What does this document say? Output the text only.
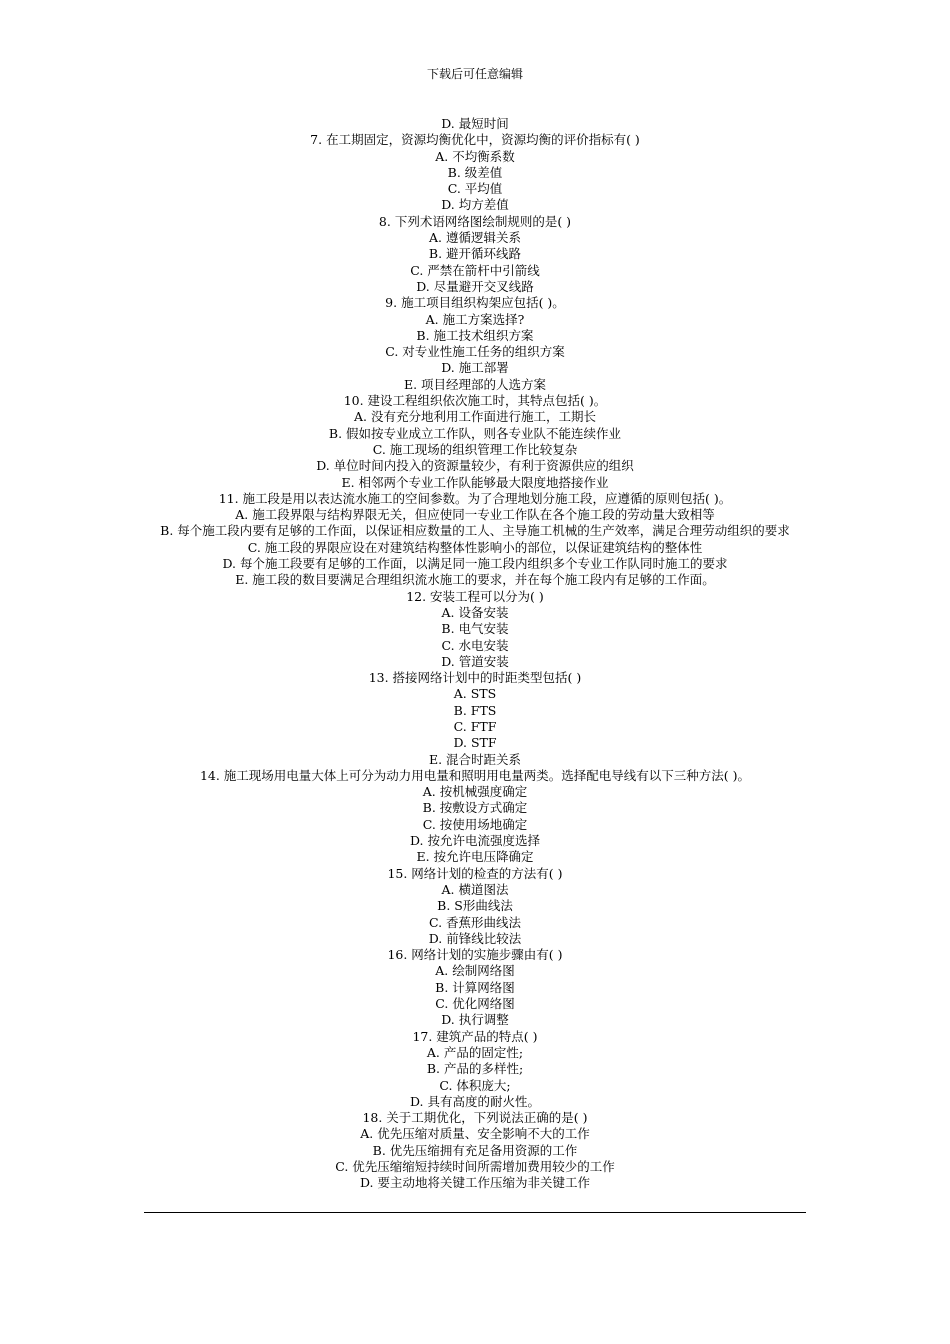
下载后可任意编辑
D. 最短时间
7. 在工期固定，资源均衡优化中，资源均衡的评价指标有( )
A. 不均衡系数
B. 级差值
C. 平均值
D. 均方差值
8. 下列术语网络图绘制规则的是( )
A. 遵循逻辑关系
B. 避开循环线路
C. 严禁在箭杆中引箭线
D. 尽量避开交叉线路
9. 施工项目组织构架应包括( )。
A. 施工方案选择?
B. 施工技术组织方案
C. 对专业性施工任务的组织方案
D. 施工部署
E. 项目经理部的人选方案
10. 建设工程组织依次施工时，其特点包括( )。
A. 没有充分地利用工作面进行施工，工期长
B. 假如按专业成立工作队，则各专业队不能连续作业
C. 施工现场的组织管理工作比较复杂
D. 单位时间内投入的资源量较少，有利于资源供应的组织
E. 相邻两个专业工作队能够最大限度地搭接作业
11. 施工段是用以表达流水施工的空间参数。为了合理地划分施工段，应遵循的原则包括( )。
A. 施工段界限与结构界限无关，但应使同一专业工作队在各个施工段的劳动量大致相等
B. 每个施工段内要有足够的工作面，以保证相应数量的工人、主导施工机械的生产效率，满足合理劳动组织的要求
C. 施工段的界限应设在对建筑结构整体性影响小的部位，以保证建筑结构的整体性
D. 每个施工段要有足够的工作面，以满足同一施工段内组织多个专业工作队同时施工的要求
E. 施工段的数目要满足合理组织流水施工的要求，并在每个施工段内有足够的工作面。
12. 安装工程可以分为( )
A. 设备安装
B. 电气安装
C. 水电安装
D. 管道安装
13. 搭接网络计划中的时距类型包括( )
A. STS
B. FTS
C. FTF
D. STF
E. 混合时距关系
14. 施工现场用电量大体上可分为动力用电量和照明用电量两类。选择配电导线有以下三种方法( )。
A. 按机械强度确定
B. 按敷设方式确定
C. 按使用场地确定
D. 按允许电流强度选择
E. 按允许电压降确定
15. 网络计划的检查的方法有( )
A. 横道图法
B. S形曲线法
C. 香蕉形曲线法
D. 前锋线比较法
16. 网络计划的实施步骤由有( )
A. 绘制网络图
B. 计算网络图
C. 优化网络图
D. 执行调整
17. 建筑产品的特点( )
A. 产品的固定性;
B. 产品的多样性;
C. 体积庞大;
D. 具有高度的耐火性。
18. 关于工期优化，下列说法正确的是( )
A. 优先压缩对质量、安全影响不大的工作
B. 优先压缩拥有充足备用资源的工作
C. 优先压缩缩短持续时间所需增加费用较少的工作
D. 要主动地将关键工作压缩为非关键工作
